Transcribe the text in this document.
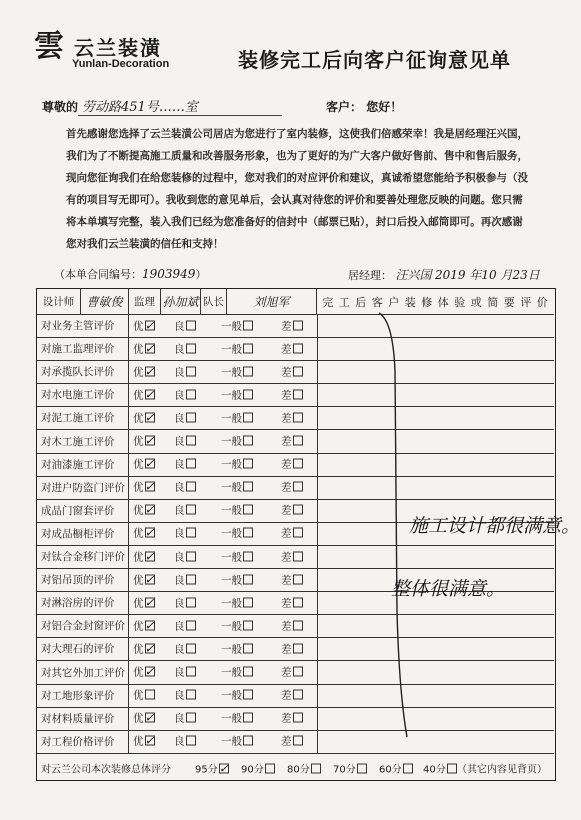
雲 云兰装潢
Yunlan-Decoration	装修完工后向客户征询意见单
尊敬的 劳动路451号……室	客户： 您好！
首先感谢您选择了云兰装潢公司居店为您进行了室内装修，这使我们倍感荣幸！我是居经理汪兴国，我们为了不断提高施工质量和改善服务形象，也为了更好的为广大客户做好售前、售中和售后服务，现向您征询我们在给您装修的过程中，您对我们的对应评价和建议，真诚希望您能给予积极参与（没有的项目写无即可）。我收到您的意见单后，会认真对待您的评价和要善处理您反映的问题。您只需将本单填写完整，装入我们已经为您准备好的信封中（邮票已贴），封口后投入邮筒即可。再次感谢您对我们云兰装潢的信任和支持！
（本单合同编号：1903949）	居经理： 汪兴国 2019 年10 月23日
设计师	曹敏俊	监理 孙加斌 队长 刘旭军	完 工 后 客 户 装 修 体 验 或 简 要 评 价
对业务主管评价	优✓ 良	一般	差
对施工监理评价	优✓ 良	一般	差
对承揽队长评价	优✓ 良	一般	差
对水电施工评价	优✓ 良	一般	差
对泥工施工评价	优✓ 良	一般	差
对木工施工评价	优✓ 良	一般	差
对油漆施工评价	优✓ 良	一般	差
对进户防盗门评价 优✓ 良	一般	差
成品门窗套评价	优✓ 良	一般	差
对成品橱柜评价	优✓ 良	一般	差
对钛合金移门评价 优✓ 良	一般	差
对铝吊顶的评价	优✓ 良	一般	差
对淋浴房的评价	优✓ 良	一般	差
对铝合金封窗评价 优✓ 良	一般	差
对大理石的评价	优✓ 良	一般	差
对其它外加工评价 优✓ 良	一般	差
对工地形象评价	优	良	一般	差
对材料质量评价	优✓ 良	一般	差
对工程价格评价	优✓ 良	一般	差
施工设计都很满意。
整体很满意。
对云兰公司本次装修总体评分 95分✓ 90分	80分	70分	60分	40分	（其它内容见背页）
